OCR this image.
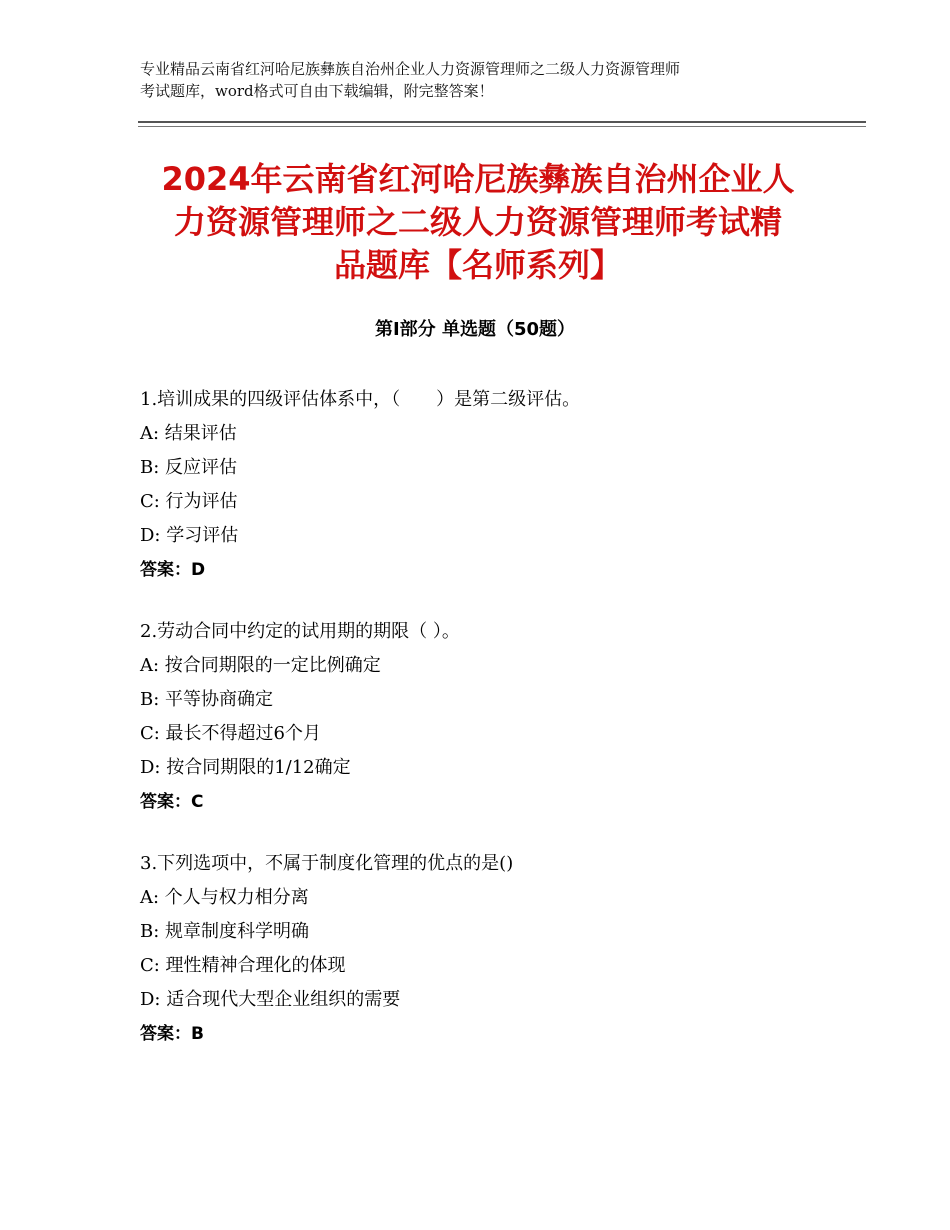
专业精品云南省红河哈尼族彝族自治州企业人力资源管理师之二级人力资源管理师
考试题库，word格式可自由下载编辑，附完整答案！
2024年云南省红河哈尼族彝族自治州企业人
力资源管理师之二级人力资源管理师考试精
品题库【名师系列】
第Ⅰ部分 单选题（50题）
1.培训成果的四级评估体系中，（　　）是第二级评估。
A: 结果评估
B: 反应评估
C: 行为评估
D: 学习评估
答案：D
2.劳动合同中约定的试用期的期限（ ）。
A: 按合同期限的一定比例确定
B: 平等协商确定
C: 最长不得超过6个月
D: 按合同期限的1/12确定
答案：C
3.下列选项中，不属于制度化管理的优点的是()
A: 个人与权力相分离
B: 规章制度科学明确
C: 理性精神合理化的体现
D: 适合现代大型企业组织的需要
答案：B
